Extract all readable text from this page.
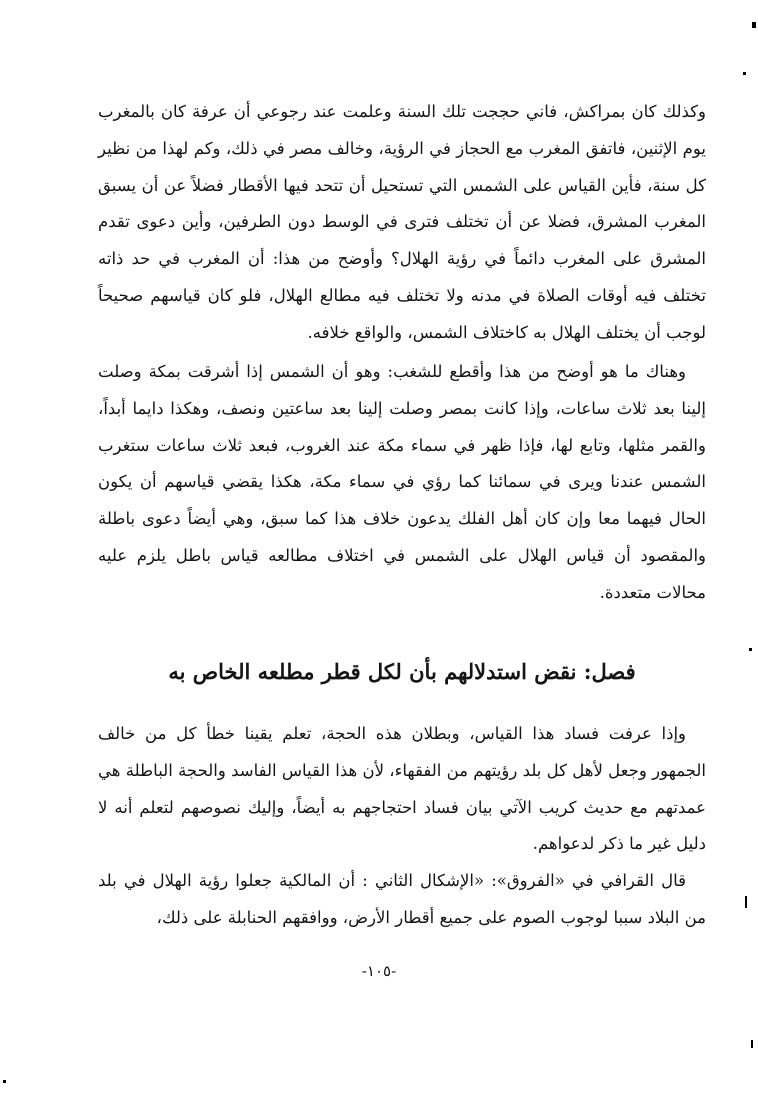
وكذلك كان بمراكش، فاني حججت تلك السنة وعلمت عند رجوعي أن عرفة كان بالمغرب يوم الإثنين، فاتفق المغرب مع الحجاز في الرؤية، وخالف مصر في ذلك، وكم لهذا من نظير كل سنة، فأين القياس على الشمس التي تستحيل أن تتحد فيها الأقطار فضلاً عن أن يسبق المغرب المشرق، فضلا عن أن تختلف فترى في الوسط دون الطرفين، وأين دعوى تقدم المشرق على المغرب دائماً في رؤية الهلال؟ وأوضح من هذا: أن المغرب في حد ذاته تختلف فيه أوقات الصلاة في مدنه ولا تختلف فيه مطالع الهلال، فلو كان قياسهم صحيحاً لوجب أن يختلف الهلال به كاختلاف الشمس، والواقع خلافه.

وهناك ما هو أوضح من هذا وأقطع للشغب: وهو أن الشمس إذا أشرقت بمكة وصلت إلينا بعد ثلاث ساعات، وإذا كانت بمصر وصلت إلينا بعد ساعتين ونصف، وهكذا دايما أبداً، والقمر مثلها، وتابع لها، فإذا ظهر في سماء مكة عند الغروب، فبعد ثلاث ساعات ستغرب الشمس عندنا ويرى في سمائنا كما رؤي في سماء مكة، هكذا يقضي قياسهم أن يكون الحال فيهما معا وإن كان أهل الفلك يدعون خلاف هذا كما سبق، وهي أيضاً دعوى باطلة والمقصود أن قياس الهلال على الشمس في اختلاف مطالعه قياس باطل يلزم عليه محالات متعددة.

فصل: نقض استدلالهم بأن لكل قطر مطلعه الخاص به

وإذا عرفت فساد هذا القياس، وبطلان هذه الحجة، تعلم يقينا خطأ كل من خالف الجمهور وجعل لأهل كل بلد رؤيتهم من الفقهاء، لأن هذا القياس الفاسد والحجة الباطلة هي عمدتهم مع حديث كريب الآتي بيان فساد احتجاجهم به أيضاً، وإليك نصوصهم لتعلم أنه لا دليل غير ما ذكر لدعواهم.

قال القرافي في «الفروق»: «الإشكال الثاني : أن المالكية جعلوا رؤية الهلال في بلد من البلاد سببا لوجوب الصوم على جميع أقطار الأرض، ووافقهم الحنابلة على ذلك،

-١٠٥-
